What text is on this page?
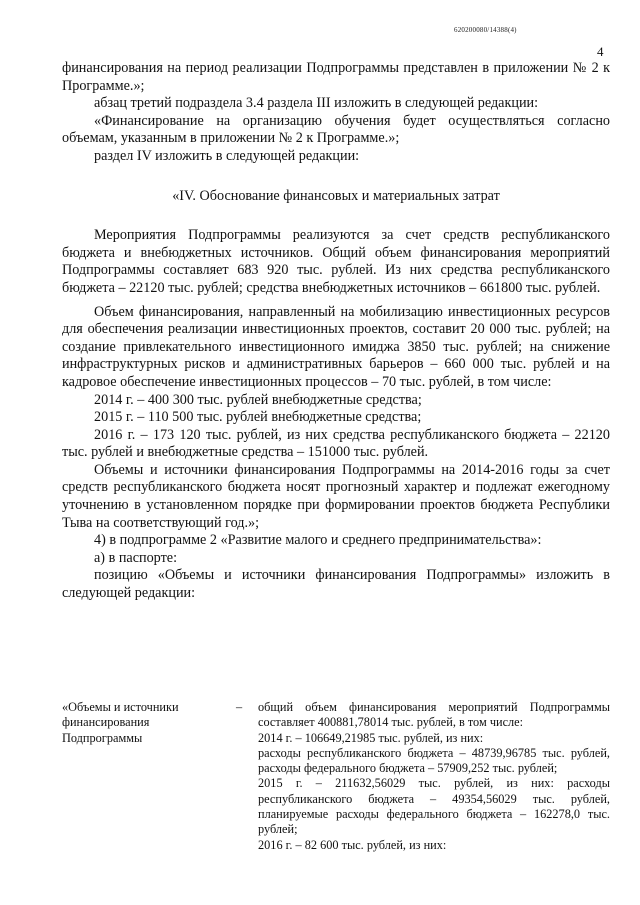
620200080/14388(4)
4

финансирования на период реализации Подпрограммы представлен в приложении № 2 к Программе.»;

абзац третий подраздела 3.4 раздела III изложить в следующей редакции:

«Финансирование на организацию обучения будет осуществляться согласно объемам, указанным в приложении № 2 к Программе.»;

раздел IV изложить в следующей редакции:

«IV. Обоснование финансовых и материальных затрат

Мероприятия Подпрограммы реализуются за счет средств республиканского бюджета и внебюджетных источников. Общий объем финансирования мероприятий Подпрограммы составляет 683 920 тыс. рублей. Из них средства республиканского бюджета – 22120 тыс. рублей; средства внебюджетных источников – 661800 тыс. рублей.

Объем финансирования, направленный на мобилизацию инвестиционных ресурсов для обеспечения реализации инвестиционных проектов, составит 20 000 тыс. рублей; на создание привлекательного инвестиционного имиджа 3850 тыс. рублей; на снижение инфраструктурных рисков и административных барьеров – 660 000 тыс. рублей и на кадровое обеспечение инвестиционных процессов – 70 тыс. рублей, в том числе:

2014 г. – 400 300 тыс. рублей внебюджетные средства;

2015 г. – 110 500 тыс. рублей внебюджетные средства;

2016 г. – 173 120 тыс. рублей, из них средства республиканского бюджета – 22120 тыс. рублей и внебюджетные средства – 151000 тыс. рублей.

Объемы и источники финансирования Подпрограммы на 2014-2016 годы за счет средств республиканского бюджета носят прогнозный характер и подлежат ежегодному уточнению в установленном порядке при формировании проектов бюджета Республики Тыва на соответствующий год.»;

4) в подпрограмме 2 «Развитие малого и среднего предпринимательства»:

а) в паспорте:

позицию «Объемы и источники финансирования Подпрограммы» изложить в следующей редакции:

«Объемы и источники финансирования Подпрограммы
– общий объем финансирования мероприятий Подпрограммы составляет 400881,78014 тыс. рублей, в том числе:

2014 г. – 106649,21985 тыс. рублей, из них:

расходы республиканского бюджета – 48739,96785 тыс. рублей, расходы федерального бюджета – 57909,252 тыс. рублей;

2015 г. – 211632,56029 тыс. рублей, из них: расходы республиканского бюджета – 49354,56029 тыс. рублей, планируемые расходы федерального бюджета – 162278,0 тыс. рублей;

2016 г. – 82 600 тыс. рублей, из них:
